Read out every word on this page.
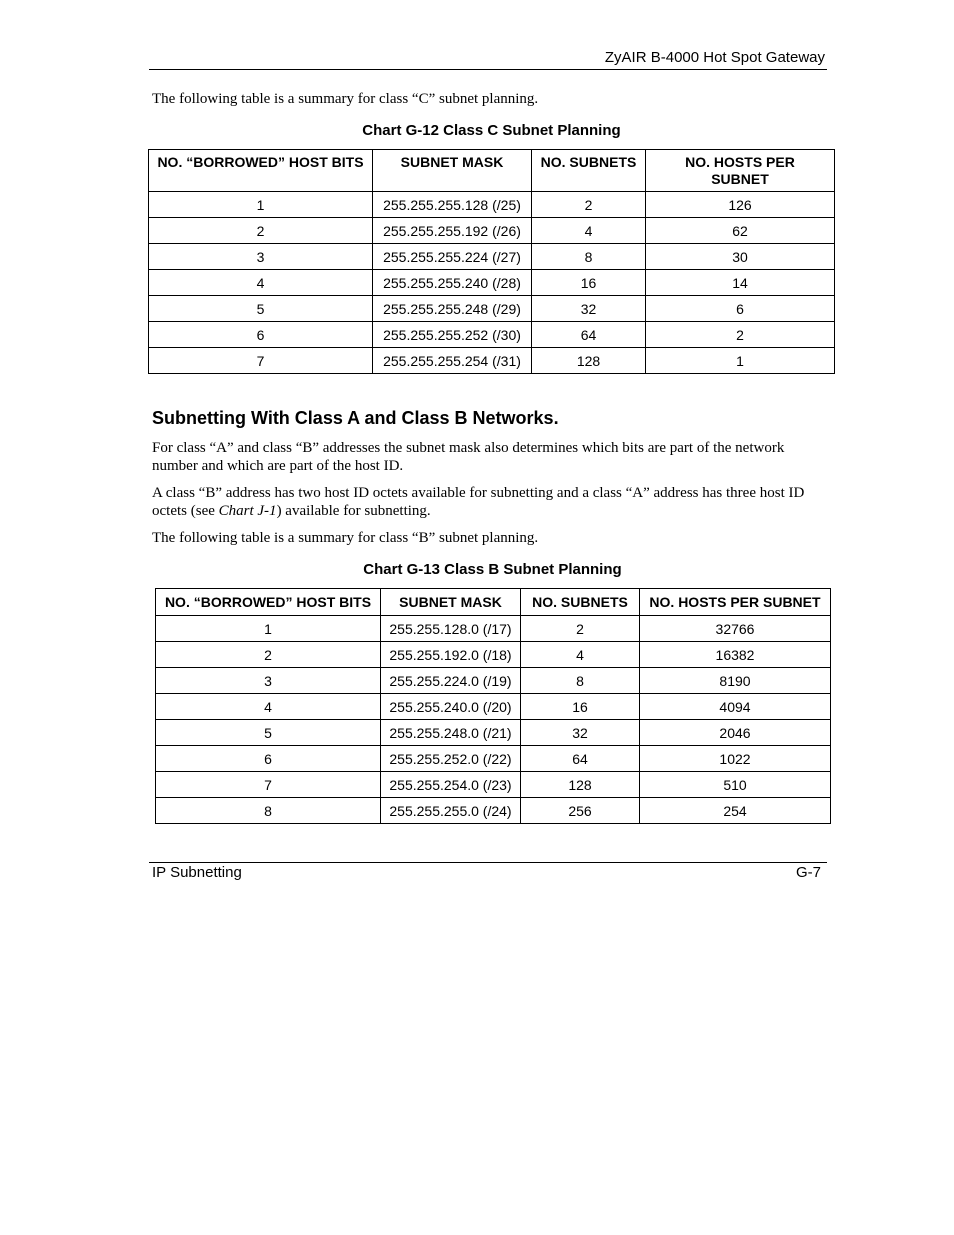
ZyAIR B-4000 Hot Spot Gateway
The following table is a summary for class “C” subnet planning.
Chart G-12 Class C Subnet Planning
NO. “BORROWED” HOST BITS	SUBNET MASK	NO. SUBNETS	NO. HOSTS PER SUBNET
1	255.255.255.128 (/25)	2	126
2	255.255.255.192 (/26)	4	62
3	255.255.255.224 (/27)	8	30
4	255.255.255.240 (/28)	16	14
5	255.255.255.248 (/29)	32	6
6	255.255.255.252 (/30)	64	2
7	255.255.255.254 (/31)	128	1
Subnetting With Class A and Class B Networks.
For class “A” and class “B” addresses the subnet mask also determines which bits are part of the network number and which are part of the host ID.
A class “B” address has two host ID octets available for subnetting and a class “A” address has three host ID octets (see Chart J-1) available for subnetting.
The following table is a summary for class “B” subnet planning.
Chart G-13 Class B Subnet Planning
NO. “BORROWED” HOST BITS	SUBNET MASK	NO. SUBNETS	NO. HOSTS PER SUBNET
1	255.255.128.0 (/17)	2	32766
2	255.255.192.0 (/18)	4	16382
3	255.255.224.0 (/19)	8	8190
4	255.255.240.0 (/20)	16	4094
5	255.255.248.0 (/21)	32	2046
6	255.255.252.0 (/22)	64	1022
7	255.255.254.0 (/23)	128	510
8	255.255.255.0 (/24)	256	254
IP Subnetting	G-7
